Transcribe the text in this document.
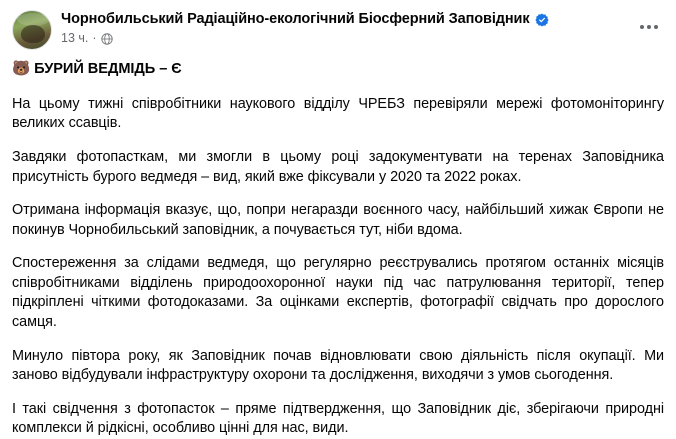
Чорнобильський Радіаційно-екологічний Біосферний Заповідник
13 ч. ·

🐻 БУРИЙ ВЕДМІДЬ – Є

На цьому тижні співробітники наукового відділу ЧРЕБЗ перевіряли мережі фотомоніторингу великих ссавців.

Завдяки фотопасткам, ми змогли в цьому році задокументувати на теренах Заповідника присутність бурого ведмедя – вид, який вже фіксували у 2020 та 2022 роках.

Отримана інформація вказує, що, попри негаразди воєнного часу, найбільший хижак Європи не покинув Чорнобильський заповідник, а почувається тут, ніби вдома.

Спостереження за слідами ведмедя, що регулярно реєструвались протягом останніх місяців співробітниками відділень природоохоронної науки під час патрулювання території, тепер підкріплені чіткими фотодоказами. За оцінками експертів, фотографії свідчать про дорослого самця.

Минуло півтора року, як Заповідник почав відновлювати свою діяльність після окупації. Ми заново відбудували інфраструктуру охорони та дослідження, виходячи з умов сьогодення.

І такі свідчення з фотопасток – пряме підтвердження, що Заповідник діє, зберігаючи природні комплекси й рідкісні, особливо цінні для нас, види.
